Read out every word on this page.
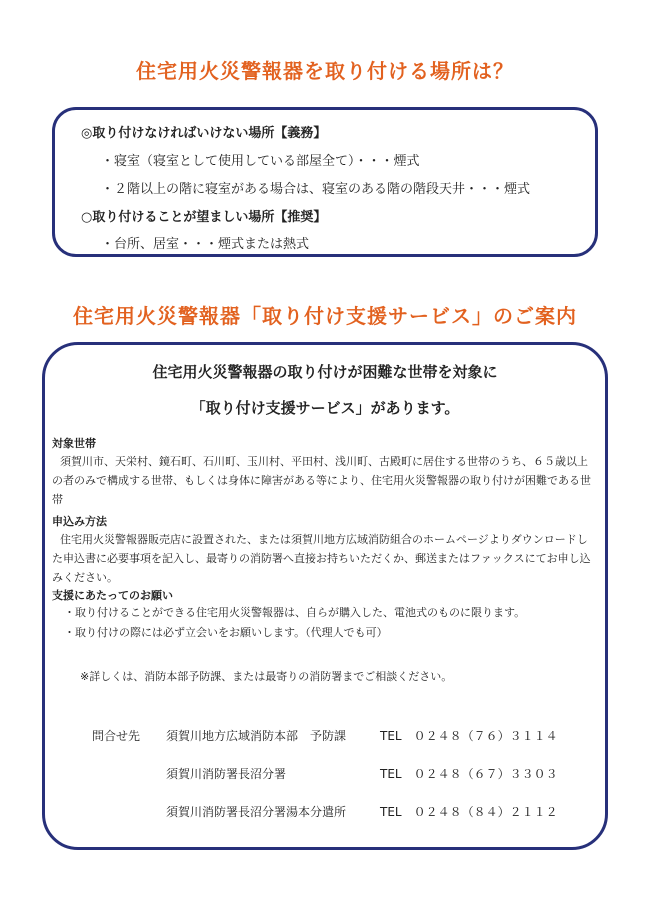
住宅用火災警報器を取り付ける場所は？
◎取り付けなければいけない場所【義務】
・寝室（寝室として使用している部屋全て）・・・煙式
・２階以上の階に寝室がある場合は、寝室のある階の階段天井・・・煙式
○取り付けることが望ましい場所【推奨】
・台所、居室・・・煙式または熱式
住宅用火災警報器「取り付け支援サービス」のご案内
住宅用火災警報器の取り付けが困難な世帯を対象に
「取り付け支援サービス」があります。
対象世帯
須賀川市、天栄村、鏡石町、石川町、玉川村、平田村、浅川町、古殿町に居住する世帯のうち、６５歳以上の者のみで構成する世帯、もしくは身体に障害がある等により、住宅用火災警報器の取り付けが困難である世帯
申込み方法
住宅用火災警報器販売店に設置された、または須賀川地方広域消防組合のホームページよりダウンロードした申込書に必要事項を記入し、最寄りの消防署へ直接お持ちいただくか、郵送またはファックスにてお申し込みください。
支援にあたってのお願い
・取り付けることができる住宅用火災警報器は、自らが購入した、電池式のものに限ります。
・取り付けの際には必ず立会いをお願いします。（代理人でも可）
※詳しくは、消防本部予防課、または最寄りの消防署までご相談ください。
問合せ先 須賀川地方広域消防本部　予防課	TEL　０２４８（７６）３１１４
須賀川消防署長沼分署	TEL　０２４８（６７）３３０３
須賀川消防署長沼分署湯本分遣所	TEL　０２４８（８４）２１１２
